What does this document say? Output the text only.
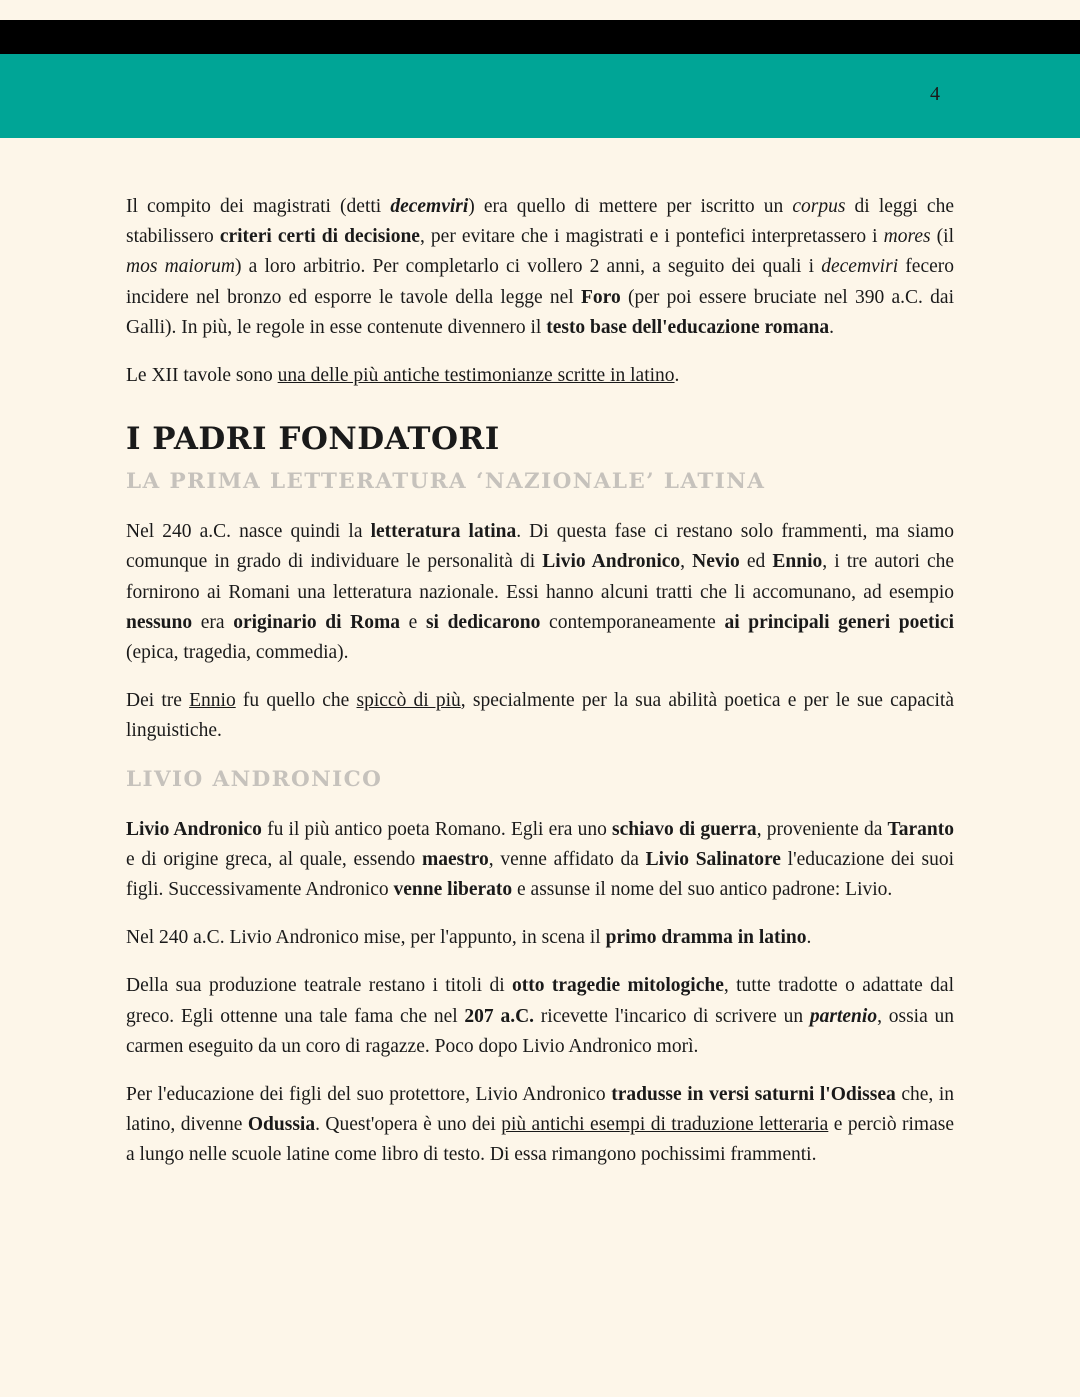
4

Il compito dei magistrati (detti decemviri) era quello di mettere per iscritto un corpus di leggi che stabilissero criteri certi di decisione, per evitare che i magistrati e i pontefici interpretassero i mores (il mos maiorum) a loro arbitrio. Per completarlo ci vollero 2 anni, a seguito dei quali i decemviri fecero incidere nel bronzo ed esporre le tavole della legge nel Foro (per poi essere bruciate nel 390 a.C. dai Galli). In più, le regole in esse contenute divennero il testo base dell'educazione romana.

Le XII tavole sono una delle più antiche testimonianze scritte in latino.

I PADRI FONDATORI
LA PRIMA LETTERATURA ‘NAZIONALE’ LATINA

Nel 240 a.C. nasce quindi la letteratura latina. Di questa fase ci restano solo frammenti, ma siamo comunque in grado di individuare le personalità di Livio Andronico, Nevio ed Ennio, i tre autori che fornirono ai Romani una letteratura nazionale. Essi hanno alcuni tratti che li accomunano, ad esempio nessuno era originario di Roma e si dedicarono contemporaneamente ai principali generi poetici (epica, tragedia, commedia).

Dei tre Ennio fu quello che spiccò di più, specialmente per la sua abilità poetica e per le sue capacità linguistiche.

LIVIO ANDRONICO

Livio Andronico fu il più antico poeta Romano. Egli era uno schiavo di guerra, proveniente da Taranto e di origine greca, al quale, essendo maestro, venne affidato da Livio Salinatore l'educazione dei suoi figli. Successivamente Andronico venne liberato e assunse il nome del suo antico padrone: Livio.

Nel 240 a.C. Livio Andronico mise, per l'appunto, in scena il primo dramma in latino.

Della sua produzione teatrale restano i titoli di otto tragedie mitologiche, tutte tradotte o adattate dal greco. Egli ottenne una tale fama che nel 207 a.C. ricevette l'incarico di scrivere un partenio, ossia un carmen eseguito da un coro di ragazze. Poco dopo Livio Andronico morì.

Per l'educazione dei figli del suo protettore, Livio Andronico tradusse in versi saturni l'Odissea che, in latino, divenne Odussia. Quest'opera è uno dei più antichi esempi di traduzione letteraria e perciò rimase a lungo nelle scuole latine come libro di testo. Di essa rimangono pochissimi frammenti.
